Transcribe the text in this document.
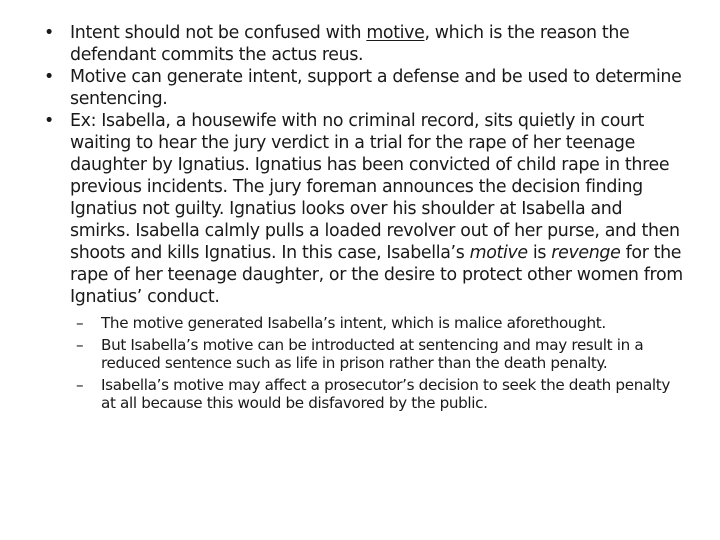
• Intent should not be confused with motive, which is the reason the defendant commits the actus reus.
• Motive can generate intent, support a defense and be used to determine sentencing.
• Ex: Isabella, a housewife with no criminal record, sits quietly in court waiting to hear the jury verdict in a trial for the rape of her teenage daughter by Ignatius. Ignatius has been convicted of child rape in three previous incidents. The jury foreman announces the decision finding Ignatius not guilty. Ignatius looks over his shoulder at Isabella and smirks. Isabella calmly pulls a loaded revolver out of her purse, and then shoots and kills Ignatius. In this case, Isabella’s motive is revenge for the rape of her teenage daughter, or the desire to protect other women from Ignatius’ conduct.
–	The motive generated Isabella’s intent, which is malice aforethought.
–	But Isabella’s motive can be introducted at sentencing and may result in a reduced sentence such as life in prison rather than the death penalty.
–	Isabella’s motive may affect a prosecutor’s decision to seek the death penalty at all because this would be disfavored by the public.
